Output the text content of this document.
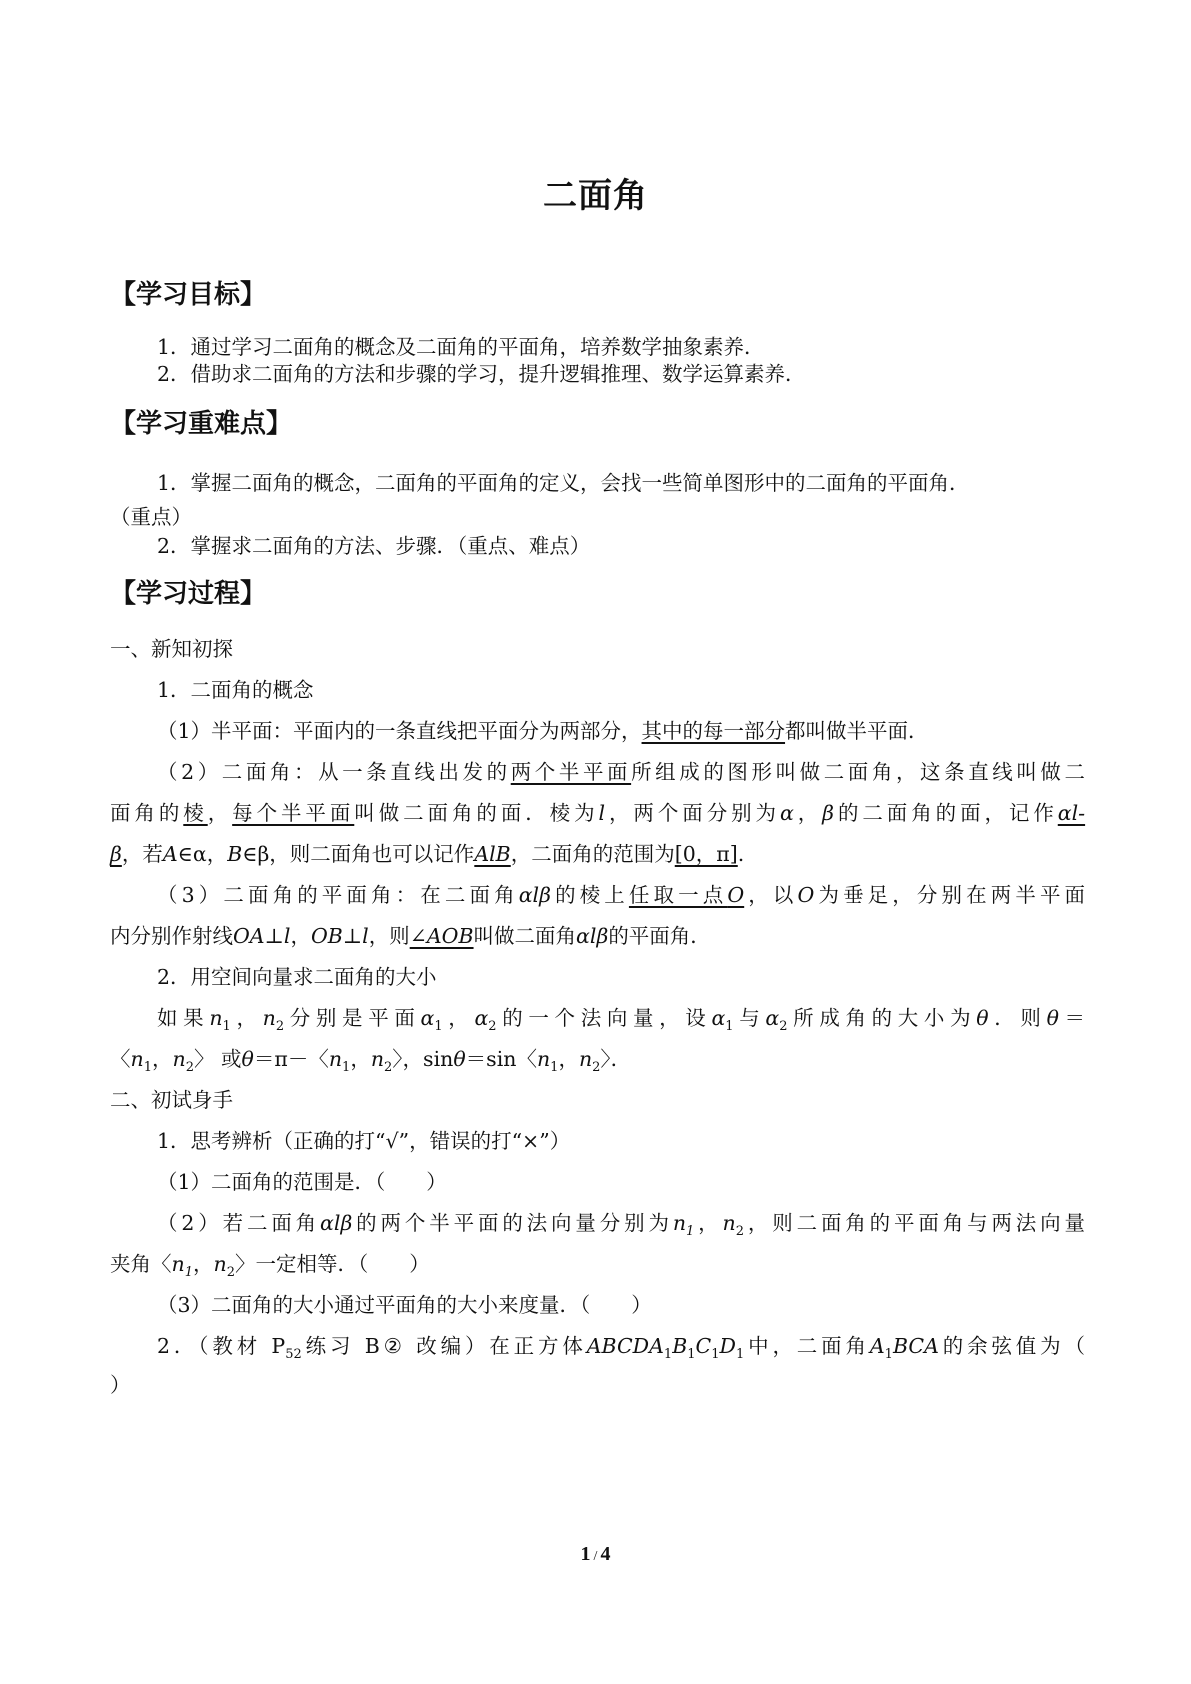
二面角
【学习目标】
1．通过学习二面角的概念及二面角的平面角，培养数学抽象素养．
2．借助求二面角的方法和步骤的学习，提升逻辑推理、数学运算素养．
【学习重难点】
1．掌握二面角的概念，二面角的平面角的定义，会找一些简单图形中的二面角的平面角．
（重点）
2．掌握求二面角的方法、步骤．（重点、难点）
【学习过程】
一、新知初探
1．二面角的概念
（1）半平面：平面内的一条直线把平面分为两部分，其中的每一部分都叫做半平面．
（2）二面角：从一条直线出发的两个半平面所组成的图形叫做二面角，这条直线叫做二
面角的棱，每个半平面叫做二面角的面．棱为l，两个面分别为α，β的二面角的面，记作αl-
β，若A∈α，B∈β，则二面角也可以记作AlB，二面角的范围为[0，π].
（3）二面角的平面角：在二面角αlβ的棱上任取一点O，以O为垂足，分别在两半平面
内分别作射线OA⊥l，OB⊥l，则∠AOB叫做二面角αlβ的平面角．
2．用空间向量求二面角的大小
如果$n_1$，$n_2$分别是平面$\alpha_1$，$\alpha_2$的一个法向量，设$\alpha_1$与$\alpha_2$所成角的大小为θ．则θ＝
〈$n_1$，$n_2$〉 或θ＝π－〈$n_1$，$n_2$〉，sinθ＝sin〈$n_1$，$n_2$〉．
二、初试身手
1．思考辨析（正确的打“√”，错误的打“×”）
（1）二面角的范围是．（　　）
（2）若二面角αlβ的两个半平面的法向量分别为$n_1$，$n_2$，则二面角的平面角与两法向量
夹角〈$n_1$，$n_2$〉一定相等．（　　）
（3）二面角的大小通过平面角的大小来度量．（　　）
2．（教材 $P_{52}$练习 B② 改编）在正方体$ABCDA_1B_1C_1D_1$中，二面角$A_1BCA$的余弦值为（
）
1 / 4
